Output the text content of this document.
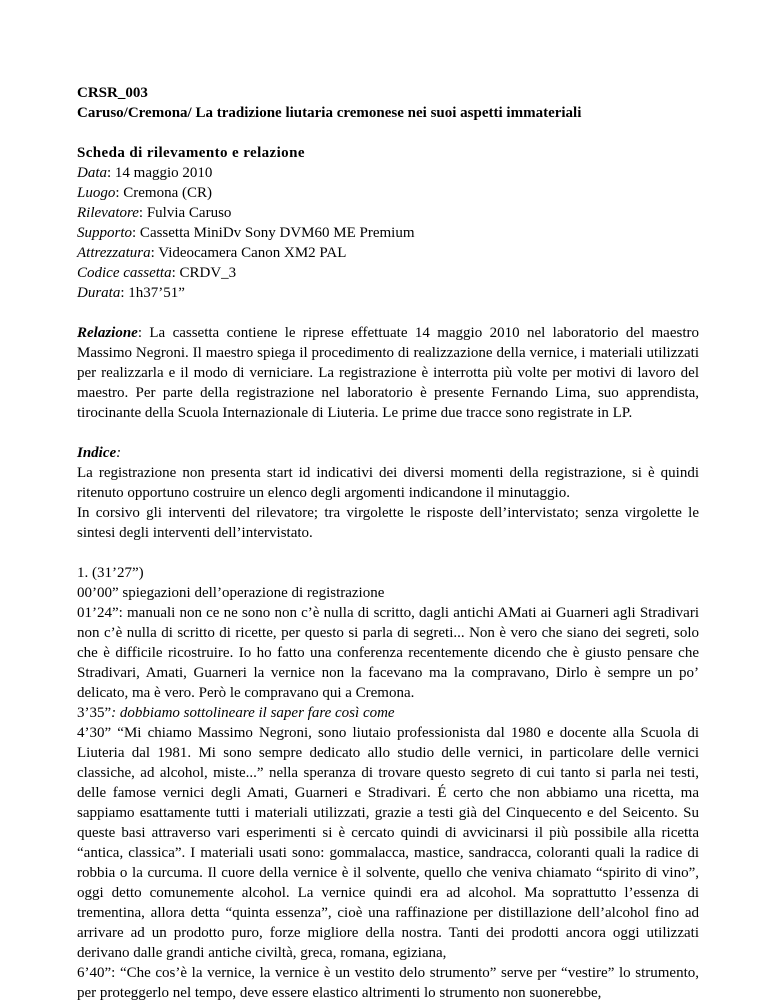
CRSR_003

Caruso/Cremona/ La tradizione liutaria cremonese nei suoi aspetti immateriali

Scheda di rilevamento e relazione

Data: 14 maggio 2010

Luogo: Cremona (CR)

Rilevatore: Fulvia Caruso

Supporto: Cassetta MiniDv Sony DVM60 ME Premium

Attrezzatura: Videocamera Canon XM2 PAL

Codice cassetta: CRDV_3

Durata: 1h37’51”

Relazione: La cassetta contiene le riprese effettuate 14 maggio 2010 nel laboratorio del maestro Massimo Negroni. Il maestro spiega il procedimento di realizzazione della vernice, i materiali utilizzati per realizzarla e il modo di verniciare. La registrazione è interrotta più volte per motivi di lavoro del maestro. Per parte della registrazione nel laboratorio è presente Fernando Lima, suo apprendista, tirocinante della Scuola Internazionale di Liuteria. Le prime due tracce sono registrate in LP.

Indice:

La registrazione non presenta start id indicativi dei diversi momenti della registrazione, si è quindi ritenuto opportuno costruire un elenco degli argomenti indicandone il minutaggio.

In corsivo gli interventi del rilevatore; tra virgolette le risposte dell’intervistato; senza virgolette le sintesi degli interventi dell’intervistato.

1. (31’27”)

00’00” spiegazioni dell’operazione di registrazione

01’24”: manuali non ce ne sono non c’è nulla di scritto, dagli antichi AMati ai Guarneri agli Stradivari non c’è nulla di scritto di ricette, per questo si parla di segreti... Non è vero che siano dei segreti, solo che è difficile ricostruire. Io ho fatto una conferenza recentemente dicendo che è giusto pensare che Stradivari, Amati, Guarneri la vernice non la facevano ma la compravano, Dirlo è sempre un po’ delicato, ma è vero. Però le compravano qui a Cremona.

3’35”: dobbiamo sottolineare il saper fare così come

4’30” “Mi chiamo Massimo Negroni, sono liutaio professionista dal 1980 e docente alla Scuola di Liuteria dal 1981. Mi sono sempre dedicato allo studio delle vernici, in particolare delle vernici classiche, ad alcohol, miste...” nella speranza di trovare questo segreto di cui tanto si parla nei testi, delle famose vernici degli Amati, Guarneri e Stradivari. É certo che non abbiamo una ricetta, ma sappiamo esattamente tutti i materiali utilizzati, grazie a testi già del Cinquecento e del Seicento. Su queste basi attraverso vari esperimenti si è cercato quindi di avvicinarsi il più possibile alla ricetta “antica, classica”. I materiali usati sono: gommalacca, mastice, sandracca, coloranti quali la radice di robbia o la curcuma. Il cuore della vernice è il solvente, quello che veniva chiamato “spirito di vino”, oggi detto comunemente alcohol. La vernice quindi era ad alcohol. Ma soprattutto l’essenza di trementina, allora detta “quinta essenza”, cioè una raffinazione per distillazione dell’alcohol fino ad arrivare ad un prodotto puro, forze migliore della nostra. Tanti dei prodotti ancora oggi utilizzati derivano dalle grandi antiche civiltà, greca, romana, egiziana,

6’40”: “Che cos’è la vernice, la vernice è un vestito delo strumento” serve per “vestire” lo strumento, per proteggerlo nel tempo, deve essere elastico altrimenti lo strumento non suonerebbe,
